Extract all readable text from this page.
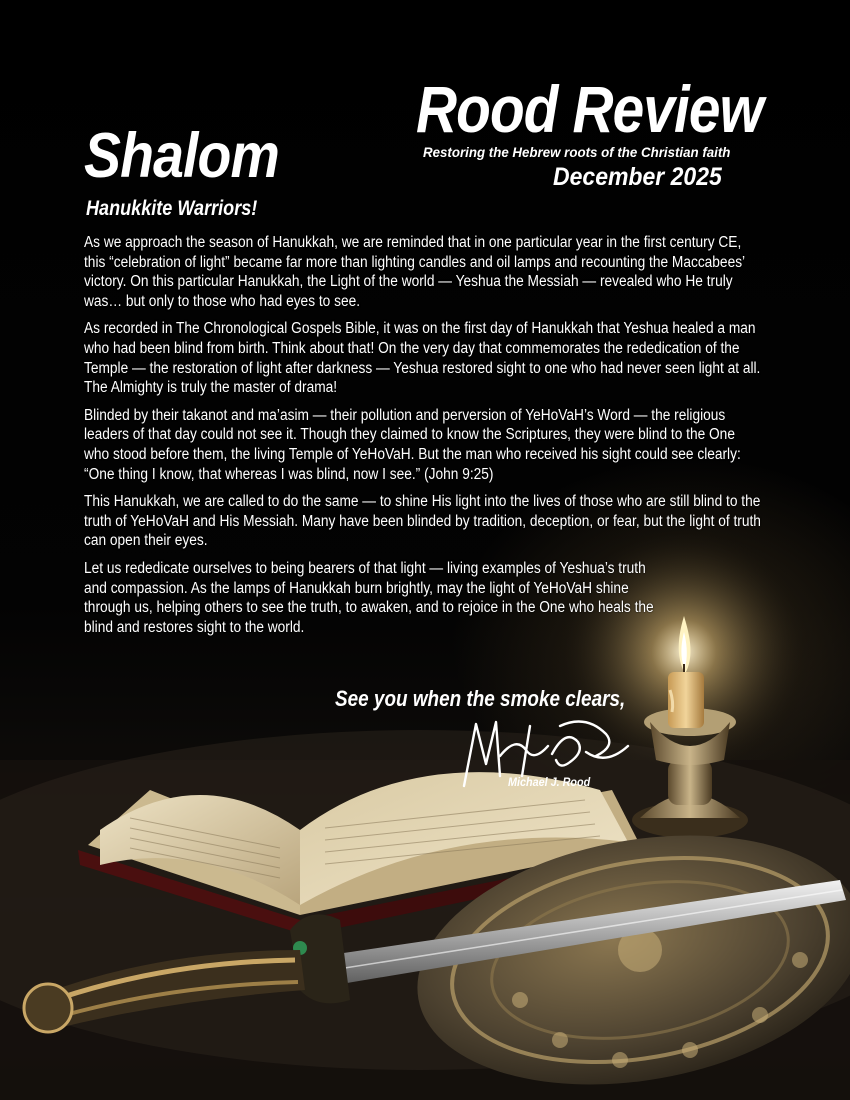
Rood Review
Restoring the Hebrew roots of the Christian faith
December 2025
Shalom
Hanukkite Warriors!

As we approach the season of Hanukkah, we are reminded that in one particular year in the first century CE, this “celebration of light” became far more than lighting candles and oil lamps and recounting the Maccabees’ victory. On this particular Hanukkah, the Light of the world — Yeshua the Messiah — revealed who He truly was… but only to those who had eyes to see.

As recorded in The Chronological Gospels Bible, it was on the first day of Hanukkah that Yeshua healed a man who had been blind from birth. Think about that! On the very day that commemorates the rededication of the Temple — the restoration of light after darkness — Yeshua restored sight to one who had never seen light at all. The Almighty is truly the master of drama!

Blinded by their takanot and ma’asim — their pollution and perversion of YeHoVaH’s Word — the religious leaders of that day could not see it. Though they claimed to know the Scriptures, they were blind to the One who stood before them, the living Temple of YeHoVaH. But the man who received his sight could see clearly: “One thing I know, that whereas I was blind, now I see.” (John 9:25)

This Hanukkah, we are called to do the same — to shine His light into the lives of those who are still blind to the truth of YeHoVaH and His Messiah. Many have been blinded by tradition, deception, or fear, but the light of truth can open their eyes.

Let us rededicate ourselves to being bearers of that light — living examples of Yeshua’s truth and compassion. As the lamps of Hanukkah burn brightly, may the light of YeHoVaH shine through us, helping others to see the truth, to awaken, and to rejoice in the One who heals the blind and restores sight to the world.

See you when the smoke clears,
Michael J. Rood
